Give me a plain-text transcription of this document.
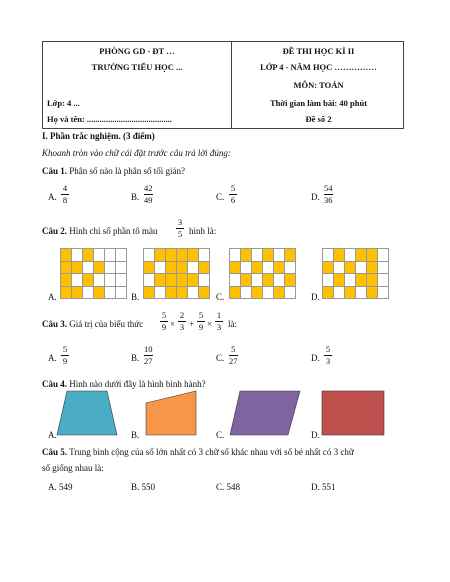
PHÒNG GD - ĐT …
TRƯỜNG TIỂU HỌC ...
Lớp: 4 ...
Họ và tên: ........................................
ĐỀ THI HỌC KÌ II
LỚP 4 - NĂM HỌC ……………
MÔN: TOÁN
Thời gian làm bài: 40 phút
Đề số 2
I. Phần trắc nghiệm. (3 điểm)
Khoanh tròn vào chữ cái đặt trước câu trả lời đúng:
Câu 1. Phân số nào là phân số tối giản?
A.
4
8	B.
42
49	C.
5
6	D.
54
36
Câu 2. Hình chỉ số phần tô màu
3
5 hình là:
A.	B.	C.	D.
Câu 3. Giá trị của biểu thức
5
9 ×
2
3 +
5
9 ×
1
3 là:
A.
5
9	B.
10
27	C.
5
27	D.
5
3
Câu 4. Hình nào dưới đây là hình bình hành?
A.	B.	C.	D.
Câu 5. Trung bình cộng của số lớn nhất có 3 chữ số khác nhau với số bé nhất có 3 chữ
số giống nhau là:
A. 549	B. 550	C. 548	D. 551
